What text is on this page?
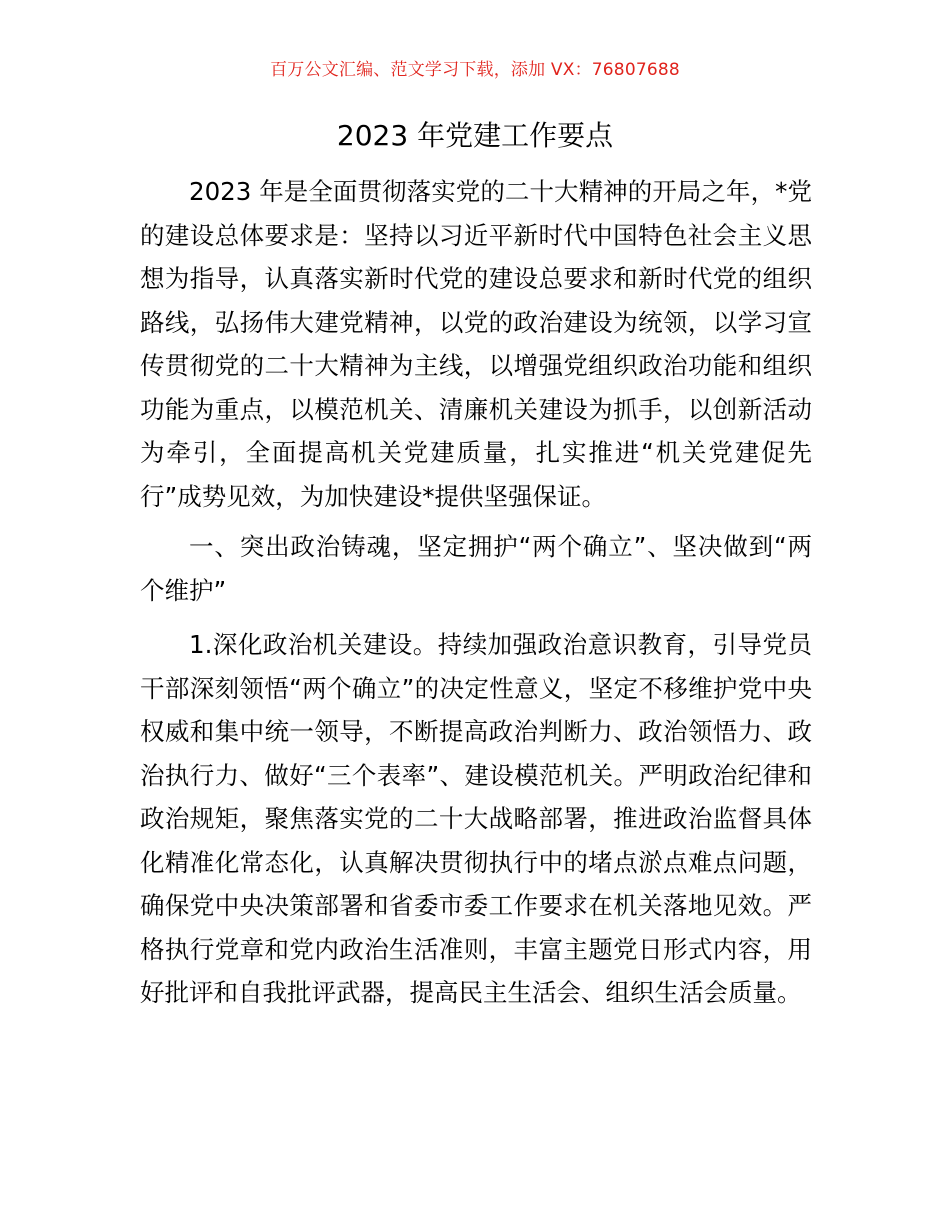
百万公文汇编、范文学习下载，添加 VX：76807688
2023 年党建工作要点

2023 年是全面贯彻落实党的二十大精神的开局之年，*党的建设总体要求是：坚持以习近平新时代中国特色社会主义思想为指导，认真落实新时代党的建设总要求和新时代党的组织路线，弘扬伟大建党精神，以党的政治建设为统领，以学习宣传贯彻党的二十大精神为主线，以增强党组织政治功能和组织功能为重点，以模范机关、清廉机关建设为抓手，以创新活动为牵引，全面提高机关党建质量，扎实推进“机关党建促先行”成势见效，为加快建设*提供坚强保证。

一、突出政治铸魂，坚定拥护“两个确立”、坚决做到“两个维护”

1.深化政治机关建设。持续加强政治意识教育，引导党员干部深刻领悟“两个确立”的决定性意义，坚定不移维护党中央权威和集中统一领导，不断提高政治判断力、政治领悟力、政治执行力、做好“三个表率”、建设模范机关。严明政治纪律和政治规矩，聚焦落实党的二十大战略部署，推进政治监督具体化精准化常态化，认真解决贯彻执行中的堵点淤点难点问题，确保党中央决策部署和省委市委工作要求在机关落地见效。严格执行党章和党内政治生活准则，丰富主题党日形式内容，用好批评和自我批评武器，提高民主生活会、组织生活会质量。
